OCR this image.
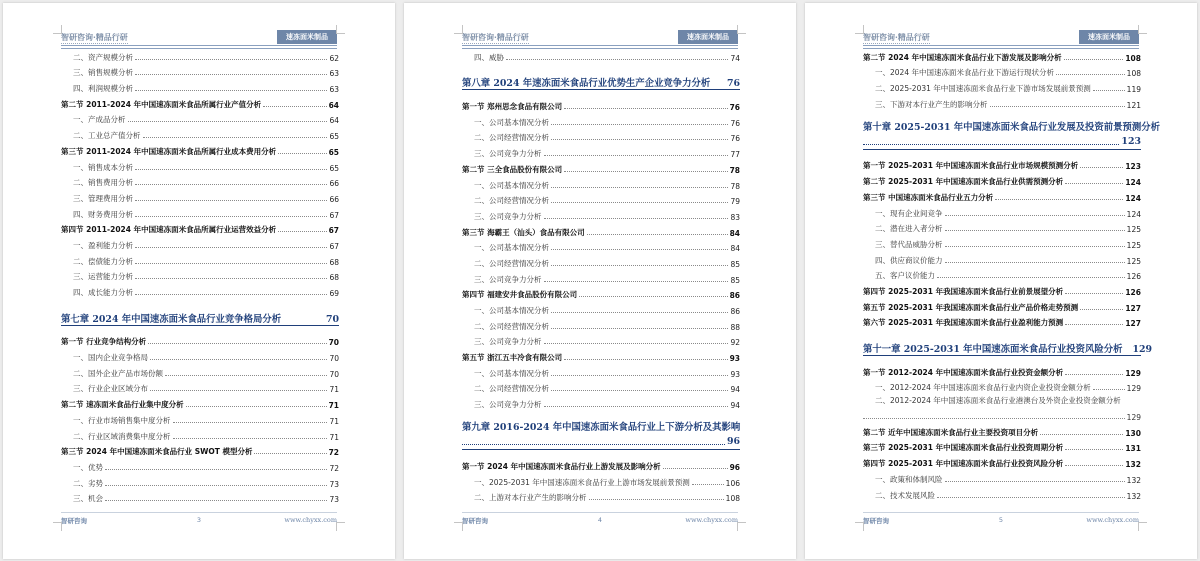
智研咨询·精品行研	速冻面米制品
二、资产规模分析	62
三、销售规模分析	63
四、利润规模分析	63
第二节 2011-2024 年中国速冻面米食品所属行业产值分析	64
一、产成品分析	64
二、工业总产值分析	65
第三节 2011-2024 年中国速冻面米食品所属行业成本费用分析	65
一、销售成本分析	65
二、销售费用分析	66
三、管理费用分析	66
四、财务费用分析	67
第四节 2011-2024 年中国速冻面米食品所属行业运营效益分析	67
一、盈利能力分析	67
二、偿债能力分析	68
三、运营能力分析	68
四、成长能力分析	69
第七章 2024 年中国速冻面米食品行业竞争格局分析	70
第一节 行业竞争结构分析	70
一、国内企业竞争格局	70
二、国外企业产品市场份额	70
三、行业企业区域分布	71
第二节 速冻面米食品行业集中度分析	71
一、行业市场销售集中度分析	71
二、行业区域消费集中度分析	71
第三节 2024 年中国速冻面米食品行业 SWOT 模型分析	72
一、优势	72
二、劣势	73
三、机会	73
智研咨询	3	www.chyxx.com
智研咨询·精品行研	速冻面米制品
四、威胁	74
第八章 2024 年速冻面米食品行业优势生产企业竞争力分析 76
第一节 郑州思念食品有限公司	76
一、公司基本情况分析	76
二、公司经营情况分析	76
三、公司竞争力分析	77
第二节 三全食品股份有限公司	78
一、公司基本情况分析	78
二、公司经营情况分析	79
三、公司竞争力分析	83
第三节 海霸王（汕头）食品有限公司	84
一、公司基本情况分析	84
二、公司经营情况分析	85
三、公司竞争力分析	85
第四节 福建安井食品股份有限公司	86
一、公司基本情况分析	86
二、公司经营情况分析	88
三、公司竞争力分析	92
第五节 浙江五丰冷食有限公司	93
一、公司基本情况分析	93
二、公司经营情况分析	94
三、公司竞争力分析	94
第九章 2016-2024 年中国速冻面米食品行业上下游分析及其影响
96
第一节 2024 年中国速冻面米食品行业上游发展及影响分析	96
一、2025-2031 年中国速冻面米食品行业上游市场发展前景预测	106
二、上游对本行业产生的影响分析	108
智研咨询	4	www.chyxx.com
智研咨询·精品行研	速冻面米制品
第二节 2024 年中国速冻面米食品行业下游发展及影响分析	108
一、2024 年中国速冻面米食品行业下游运行现状分析	108
二、2025-2031 年中国速冻面米食品行业下游市场发展前景预测	119
三、下游对本行业产生的影响分析	121
第十章 2025-2031 年中国速冻面米食品行业发展及投资前景预测分析
123
第一节 2025-2031 年中国速冻面米食品行业市场规模预测分析	123
第二节 2025-2031 年中国速冻面米食品行业供需预测分析	124
第三节 中国速冻面米食品行业五力分析	124
一、现有企业间竞争	124
二、潜在进入者分析	125
三、替代品威胁分析	125
四、供应商议价能力	125
五、客户议价能力	126
第四节 2025-2031 年我国速冻面米食品行业前景展望分析	126
第五节 2025-2031 年我国速冻面米食品行业产品价格走势预测	127
第六节 2025-2031 年我国速冻面米食品行业盈利能力预测	127
第十一章 2025-2031 年中国速冻面米食品行业投资风险分析 129
第一节 2012-2024 年中国速冻面米食品行业投资金额分析	129
一、2012-2024 年中国速冻面米食品行业内资企业投资金额分析	129
二、2012-2024 年中国速冻面米食品行业港澳台及外资企业投资金额分析
129
第二节 近年中国速冻面米食品行业主要投资项目分析	130
第三节 2025-2031 年中国速冻面米食品行业投资周期分析	131
第四节 2025-2031 年中国速冻面米食品行业投资风险分析	132
一、政策和体制风险	132
二、技术发展风险	132
智研咨询	5	www.chyxx.com
